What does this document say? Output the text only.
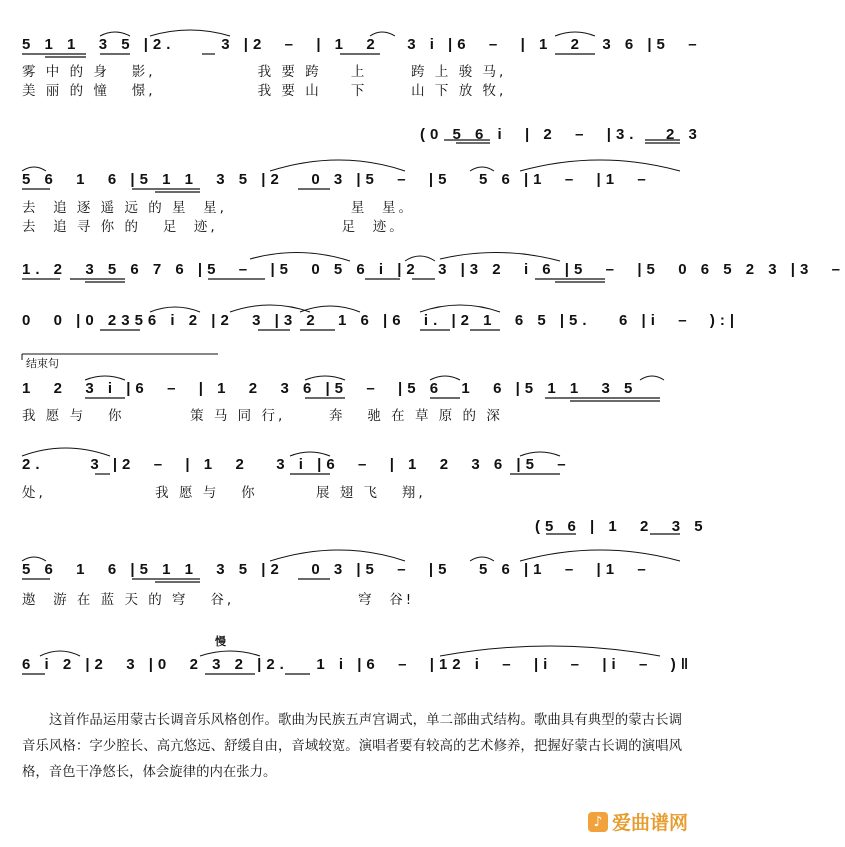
5 1 1  3 5 |2.     3 |2  –  | 1  2   3 i |6  –  | 1  2  3 6 |5  –
雾 中 的 身   影,              我 要 跨    上      跨 上 骏 马,
美 丽 的 憧   憬,              我 要 山    下      山 下 放 牧,
(0 5 6 i  | 2  –  |3.   2 3
5 6  1  6 |5 1 1  3 5 |2   0 3 |5  –  |5   5 6 |1  –  |1  –
去  追 逐 遥 远 的 星  星,                 星  星。
去  追 寻 你 的   足  迹,                 足  迹。
1. 2  3 5 6 7 6 |5  –  |5  0 5 6 i |2  3 |3 2  i 6 |5  –  |5  0 6 5 2 3 |3  –
0  0 |0 2356 i 2 |2  3 |3 2  1 6 |6  i. |2 1  6 5 |5.   6 |i  –  ):|
结束句
1  2  3 i |6  –  | 1  2  3 6 |5  –  |5 6  1  6 |5 1 1  3 5
我 愿 与   你         策 马 同 行,      奔   驰 在 草 原 的 深
2.     3 |2  –  | 1  2   3 i |6  –  | 1  2  3 6 |5  –
处,               我 愿 与   你        展 翅 飞   翔,
(5 6 | 1  2  3 5
5 6  1  6 |5 1 1  3 5 |2   0 3 |5  –  |5   5 6 |1  –  |1  –
遨  游 在 蓝 天 的 穹   谷,                 穹  谷!
慢
6 i 2 |2  3 |0  2 3 2 |2.   1 i |6  –  |12 i  –  |i  –  |i  –  )‖

这首作品运用蒙古长调音乐风格创作。歌曲为民族五声宫调式，单二部曲式结构。歌曲具有典型的蒙古长调音乐风格：字少腔长、高亢悠远、舒缓自由，音域较宽。演唱者要有较高的艺术修养，把握好蒙古长调的演唱风格，音色干净悠长，体会旋律的内在张力。

♪ 爱曲谱网
